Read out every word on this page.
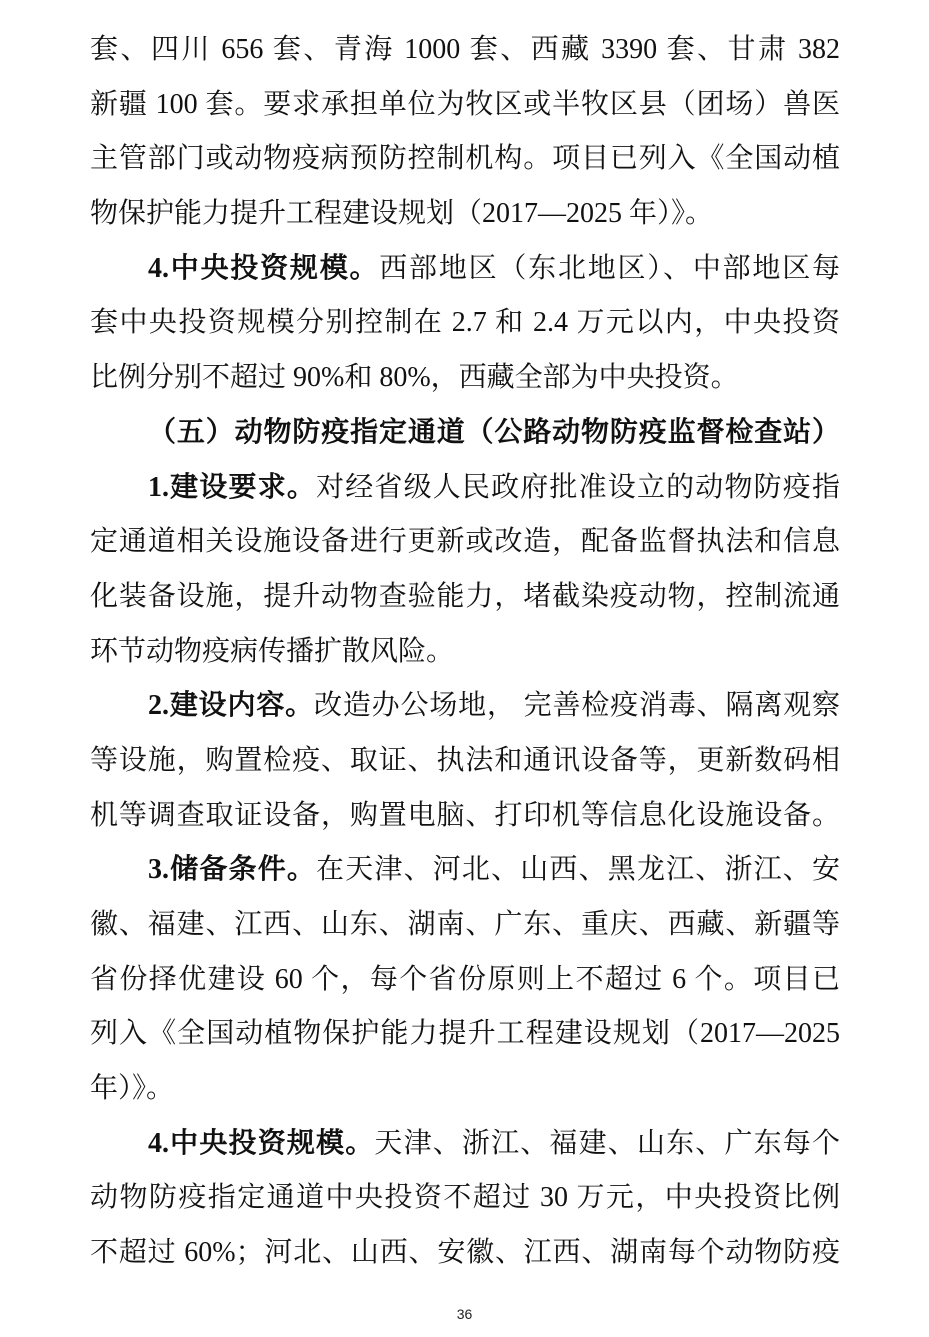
套、四川 656 套、青海 1000 套、西藏 3390 套、甘肃 382
新疆 100 套。要求承担单位为牧区或半牧区县（团场）兽医
主管部门或动物疫病预防控制机构。项目已列入《全国动植
物保护能力提升工程建设规划（2017—2025 年）》。
4.中央投资规模。西部地区（东北地区）、中部地区每
套中央投资规模分别控制在 2.7 和 2.4 万元以内，中央投资
比例分别不超过 90%和 80%，西藏全部为中央投资。
（五）动物防疫指定通道（公路动物防疫监督检查站）
1.建设要求。对经省级人民政府批准设立的动物防疫指
定通道相关设施设备进行更新或改造，配备监督执法和信息
化装备设施，提升动物查验能力，堵截染疫动物，控制流通
环节动物疫病传播扩散风险。
2.建设内容。改造办公场地， 完善检疫消毒、隔离观察
等设施，购置检疫、取证、执法和通讯设备等，更新数码相
机等调查取证设备，购置电脑、打印机等信息化设施设备。
3.储备条件。在天津、河北、山西、黑龙江、浙江、安
徽、福建、江西、山东、湖南、广东、重庆、西藏、新疆等
省份择优建设 60 个，每个省份原则上不超过 6 个。项目已
列入《全国动植物保护能力提升工程建设规划（2017—2025
年）》。
4.中央投资规模。天津、浙江、福建、山东、广东每个
动物防疫指定通道中央投资不超过 30 万元，中央投资比例
不超过 60%；河北、山西、安徽、江西、湖南每个动物防疫
36
